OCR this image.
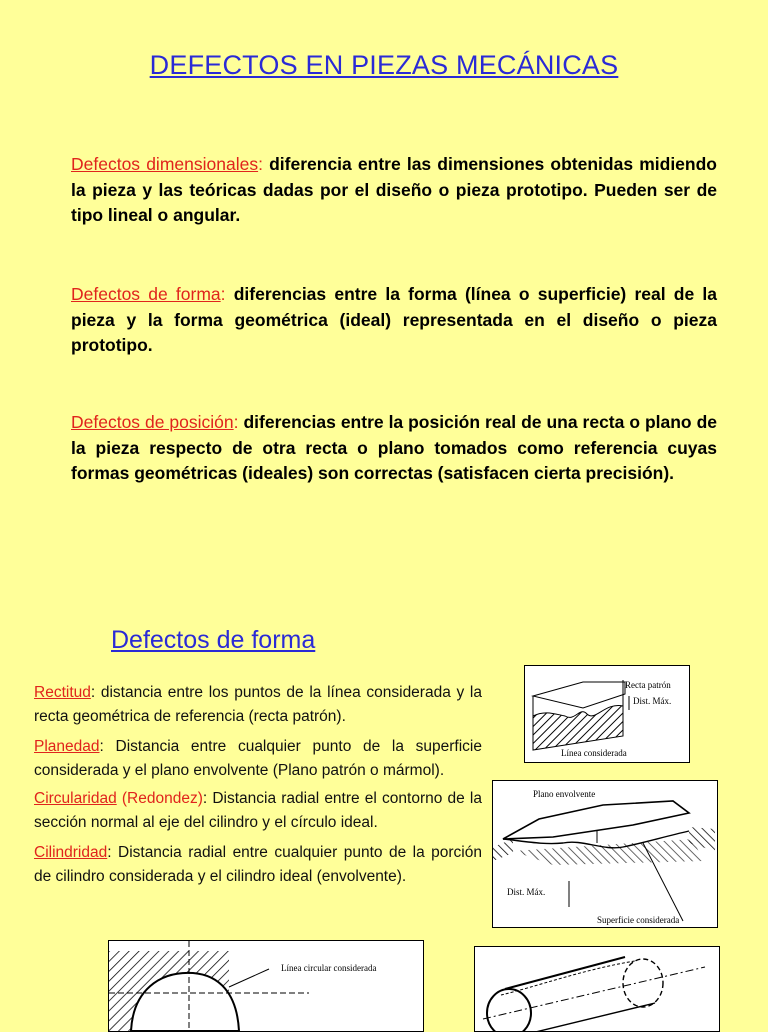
DEFECTOS EN PIEZAS MECÁNICAS
Defectos dimensionales: diferencia entre las dimensiones obtenidas midiendo la pieza y las teóricas dadas por el diseño o pieza prototipo. Pueden ser de tipo lineal o angular.
Defectos de forma: diferencias entre la forma (línea o superficie) real de la pieza y la forma geométrica (ideal) representada en el diseño o pieza prototipo.
Defectos de posición: diferencias entre la posición real de una recta o plano de la pieza respecto de otra recta o plano tomados como referencia cuyas formas geométricas (ideales) son correctas (satisfacen cierta precisión).
Defectos de forma
Rectitud: distancia entre los puntos de la línea considerada y la recta geométrica de referencia (recta patrón).
Planedad: Distancia entre cualquier punto de la superficie considerada y el plano envolvente (Plano patrón o mármol).
Circularidad (Redondez): Distancia radial entre el contorno de la sección normal al eje del cilindro y el círculo ideal.
Cilindridad: Distancia radial entre cualquier punto de la porción de cilindro considerada y el cilindro ideal (envolvente).
Recta patrón
Dist. Máx.
Línea considerada
Plano envolvente
Dist. Máx.
Superficie considerada
Línea circular considerada
